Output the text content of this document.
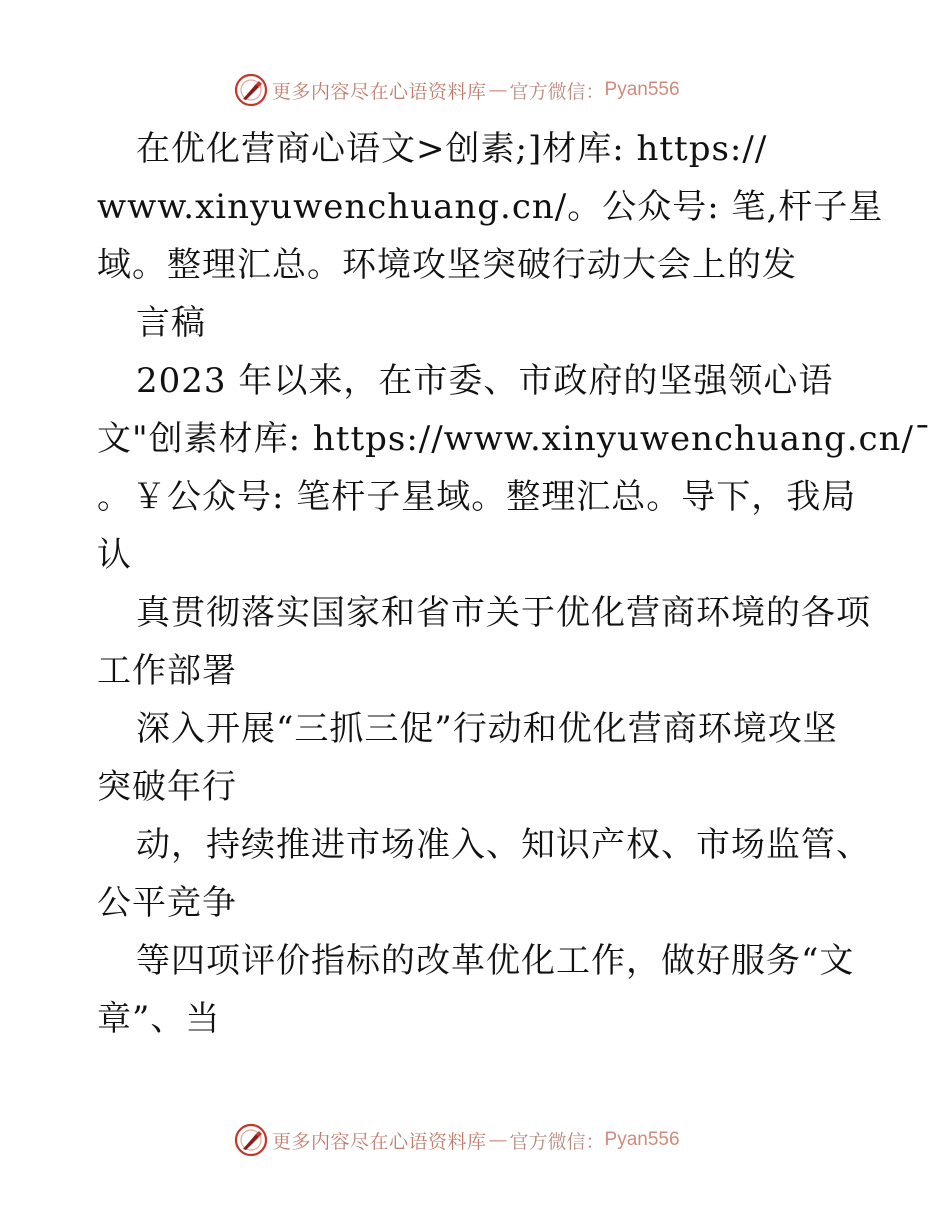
更多内容尽在心语资料库 — 官方微信： Pyan556
在优化营商心语文>创素;]材库: https://
www.xinyuwenchuang.cn/。公众号: 笔,杆子星
域。整理汇总。环境攻坚突破行动大会上的发
言稿
2023 年以来，在市委、市政府的坚强领心语
文"创素材库: https://www.xinyuwenchuang.cn/¯
。￥公众号: 笔杆子星域。整理汇总。导下，我局
认
真贯彻落实国家和省市关于优化营商环境的各项
工作部署
深入开展“三抓三促”行动和优化营商环境攻坚
突破年行
动，持续推进市场准入、知识产权、市场监管、
公平竞争
等四项评价指标的改革优化工作，做好服务“文
章”、当
更多内容尽在心语资料库 — 官方微信： Pyan556
